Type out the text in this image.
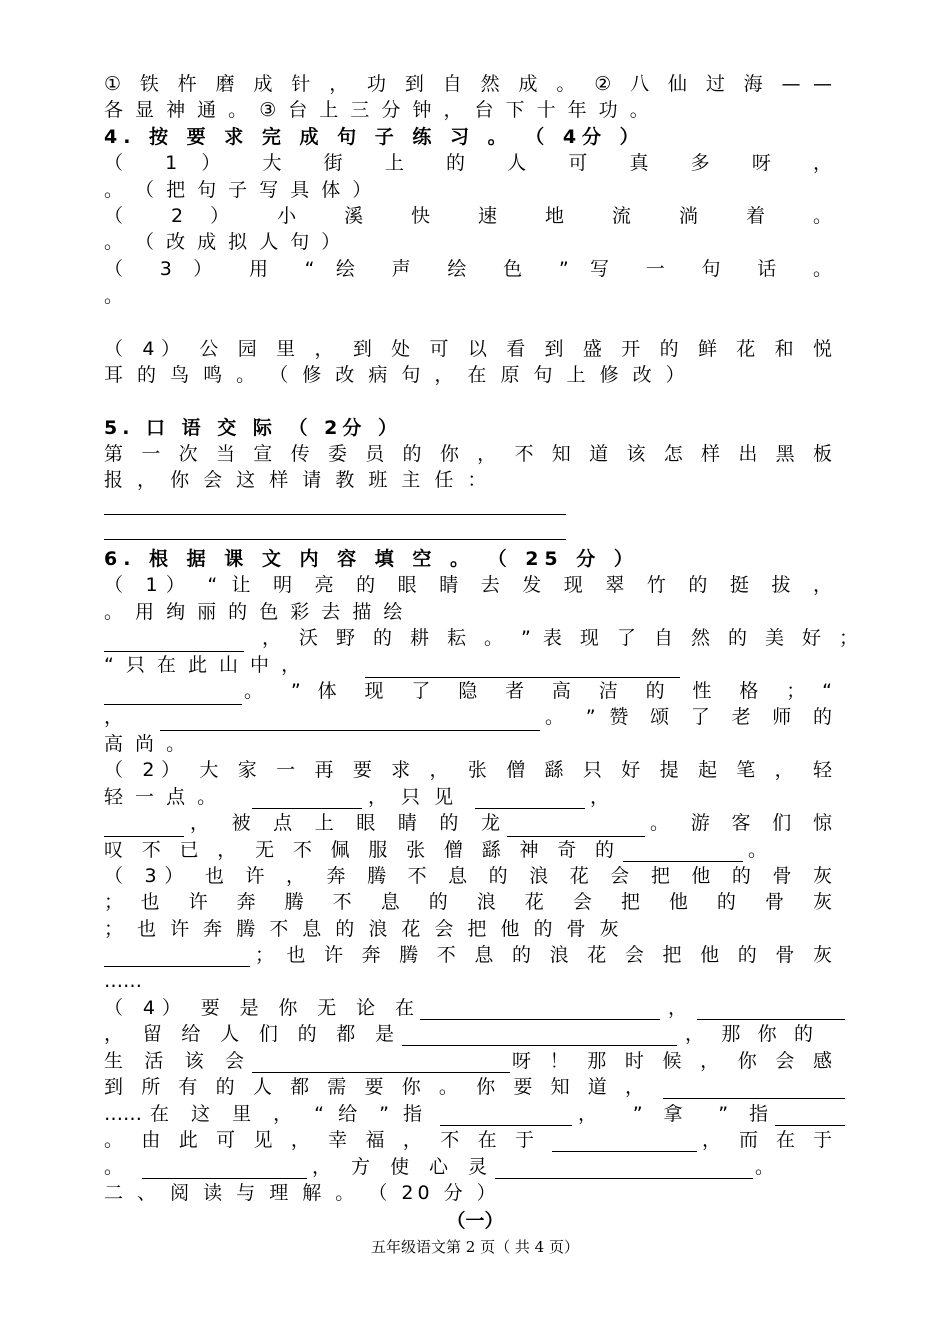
① 铁 杵 磨 成 针 ， 功 到 自 然 成 。 ② 八 仙 过 海 — —
各 显 神 通 。 ③ 台 上 三 分 钟 ， 台 下 十 年 功 。
4. 按 要 求 完 成 句 子 练 习 。 （ 4分 ）
（ 1 ） 大 街 上 的 人 可 真 多 呀 ，
。 （ 把 句 子 写 具 体 ）
（ 2 ） 小 溪 快 速 地 流 淌 着 。
。 （ 改 成 拟 人 句 ）
（ 3 ） 用 “ 绘 声 绘 色 ” 写 一 句 话 。
。
（ 4） 公 园 里 ， 到 处 可 以 看 到 盛 开 的 鲜 花 和 悦
耳 的 鸟 鸣 。 （ 修 改 病 句 ， 在 原 句 上 修 改 ）
5. 口 语 交 际 （ 2分 ）
第 一 次 当 宣 传 委 员 的 你 ， 不 知 道 该 怎 样 出 黑 板
报 ， 你 会 这 样 请 教 班 主 任 ：
6. 根 据 课 文 内 容 填 空 。 （ 25 分 ）
（ 1） “ 让 明 亮 的 眼 睛 去 发 现 翠 竹 的 挺 拔 ，
。 用 绚 丽 的 色 彩 去 描 绘
， 沃 野 的 耕 耘 。 ” 表 现 了 自 然 的 美 好 ；
“ 只 在 此 山 中 ，
。 ” 体 现 了 隐 者 高 洁 的 性 格 ； “
，	。 ” 赞 颂 了 老 师 的
高 尚 。
（ 2） 大 家 一 再 要 求 ， 张 僧 繇 只 好 提 起 笔 ， 轻
轻 一 点 。	， 只 见	，
， 被 点 上 眼 睛 的 龙	。 游 客 们 惊
叹 不 已 ， 无 不 佩 服 张 僧 繇 神 奇 的	。
（ 3） 也 许 ， 奔 腾 不 息 的 浪 花 会 把 他 的 骨 灰
； 也 许 奔 腾 不 息 的 浪 花 会 把 他 的 骨 灰
； 也 许 奔 腾 不 息 的 浪 花 会 把 他 的 骨 灰
； 也 许 奔 腾 不 息 的 浪 花 会 把 他 的 骨 灰
……
（ 4） 要 是 你 无 论 在	，
， 留 给 人 们 的 都 是	， 那 你 的
生 活 该 会	呀 ！ 那 时 候 ， 你 会 感
到 所 有 的 人 都 需 要 你 。 你 要 知 道 ，
……在 这 里 ， “ 给 ” 指	， ” 拿 ” 指
。 由 此 可 见 ， 幸 福 ， 不 在 于	， 而 在 于
。	， 方 使 心 灵	。
二 、 阅 读 与 理 解 。 （ 20 分 ）
（一）
五年级语文第 2 页（ 共 4 页）
